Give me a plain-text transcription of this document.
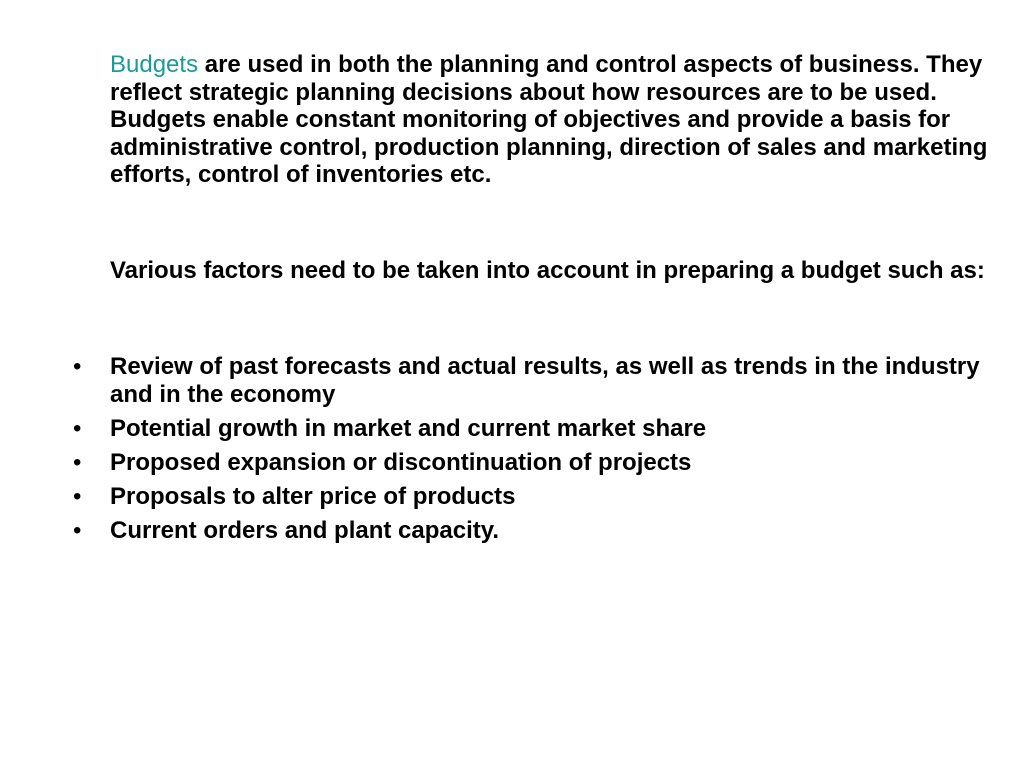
Budgets are used in both the planning and control aspects of business. They reflect strategic planning decisions about how resources are to be used. Budgets enable constant monitoring of objectives and provide a basis for administrative control, production planning, direction of sales and marketing efforts, control of inventories etc.

Various factors need to be taken into account in preparing a budget such as:

• Review of past forecasts and actual results, as well as trends in the industry and in the economy
• Potential growth in market and current market share
• Proposed expansion or discontinuation of projects
• Proposals to alter price of products
• Current orders and plant capacity.
